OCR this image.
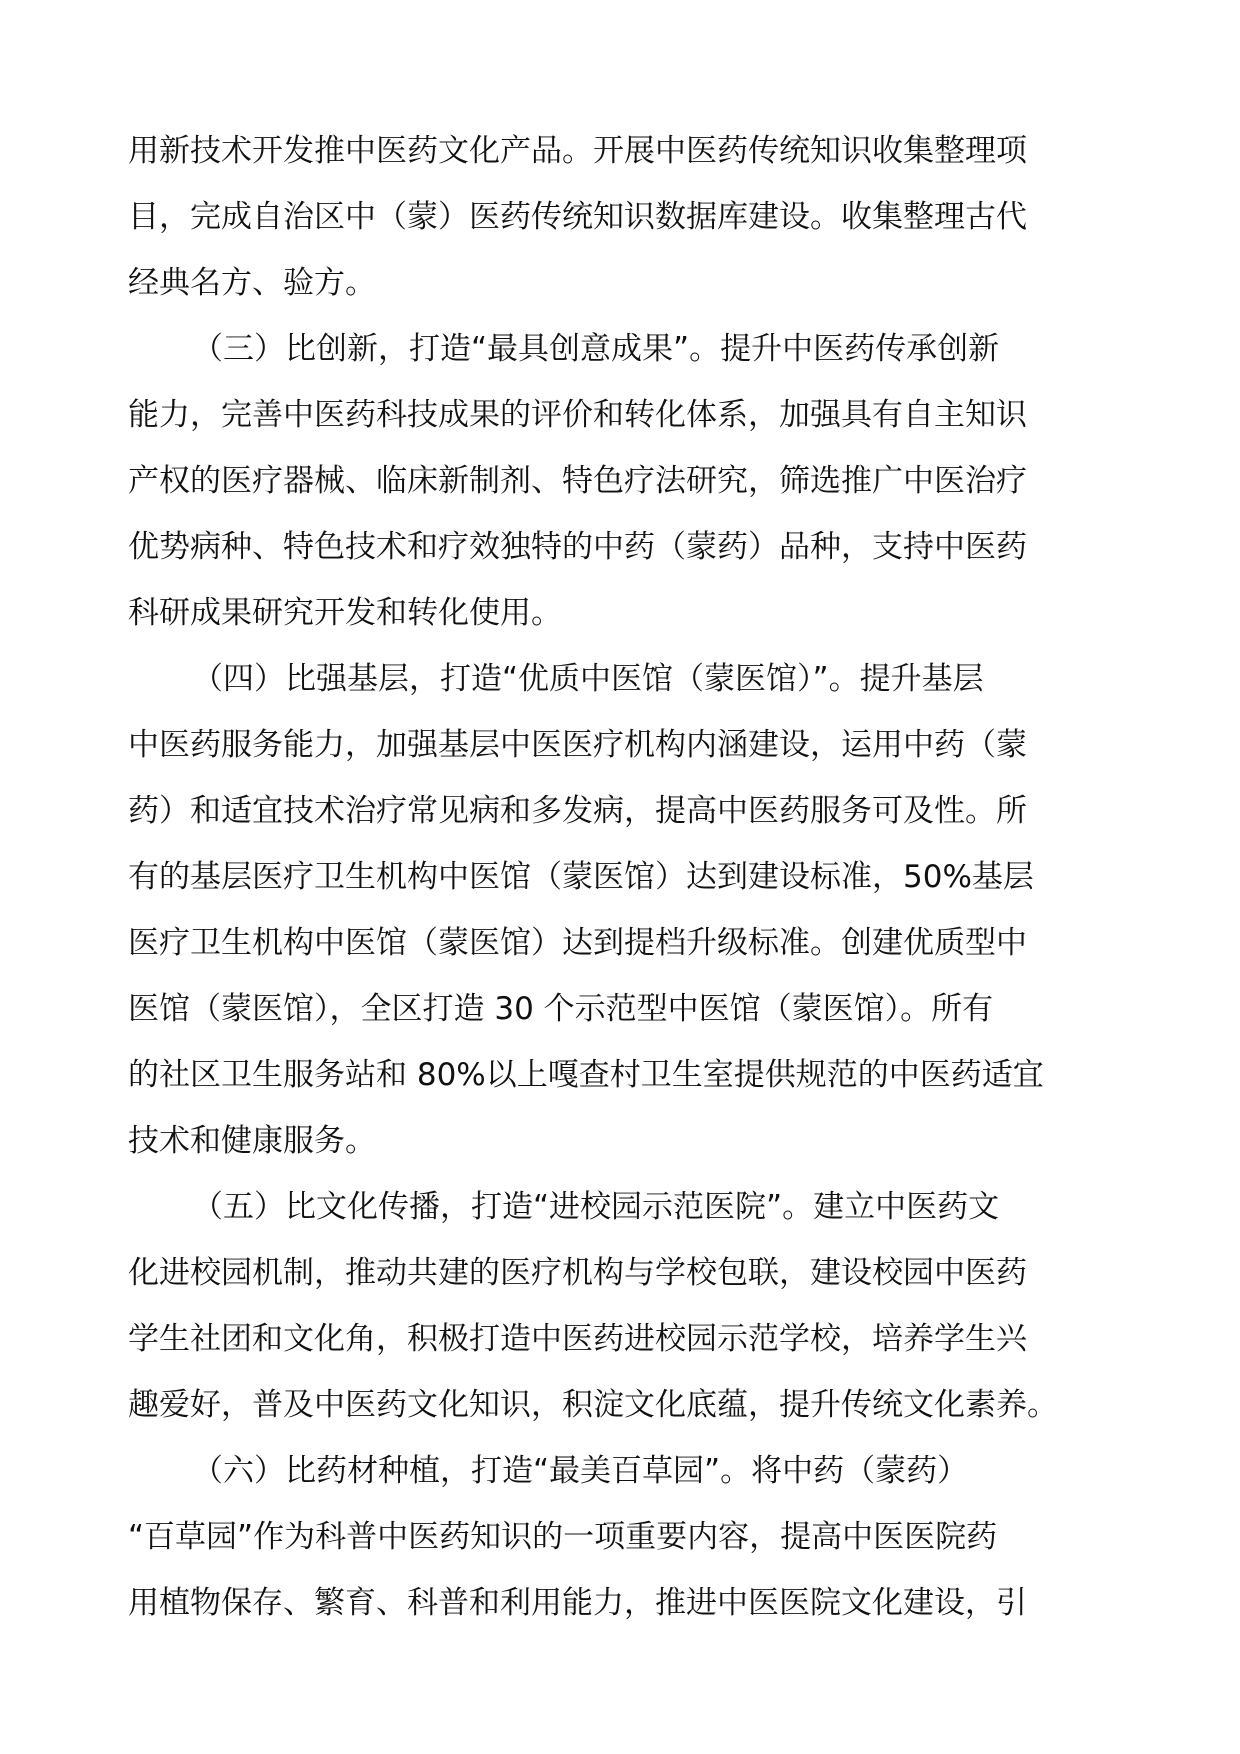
用新技术开发推中医药文化产品。开展中医药传统知识收集整理项
目，完成自治区中（蒙）医药传统知识数据库建设。收集整理古代
经典名方、验方。
（三）比创新，打造“最具创意成果”。提升中医药传承创新
能力，完善中医药科技成果的评价和转化体系，加强具有自主知识
产权的医疗器械、临床新制剂、特色疗法研究，筛选推广中医治疗
优势病种、特色技术和疗效独特的中药（蒙药）品种，支持中医药
科研成果研究开发和转化使用。
（四）比强基层，打造“优质中医馆（蒙医馆）”。提升基层
中医药服务能力，加强基层中医医疗机构内涵建设，运用中药（蒙
药）和适宜技术治疗常见病和多发病，提高中医药服务可及性。所
有的基层医疗卫生机构中医馆（蒙医馆）达到建设标准，50%基层
医疗卫生机构中医馆（蒙医馆）达到提档升级标准。创建优质型中
医馆（蒙医馆），全区打造 30 个示范型中医馆（蒙医馆）。所有
的社区卫生服务站和 80%以上嘎查村卫生室提供规范的中医药适宜
技术和健康服务。
（五）比文化传播，打造“进校园示范医院”。建立中医药文
化进校园机制，推动共建的医疗机构与学校包联，建设校园中医药
学生社团和文化角，积极打造中医药进校园示范学校，培养学生兴
趣爱好，普及中医药文化知识，积淀文化底蕴，提升传统文化素养。
（六）比药材种植，打造“最美百草园”。将中药（蒙药）
“百草园”作为科普中医药知识的一项重要内容，提高中医医院药
用植物保存、繁育、科普和利用能力，推进中医医院文化建设，引
